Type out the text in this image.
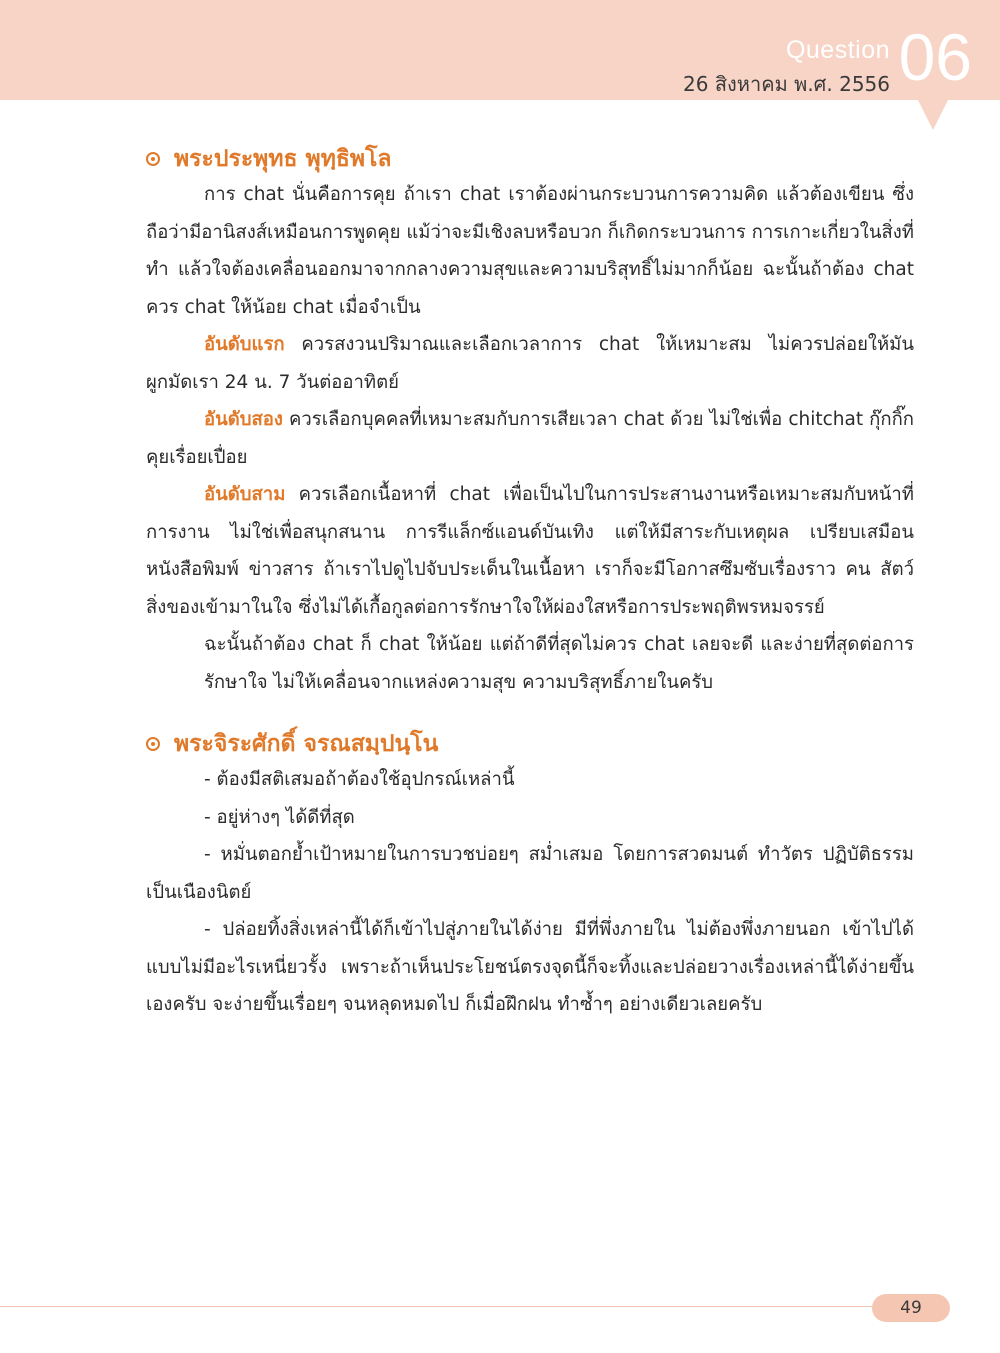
Question
26 สิงหาคม พ.ศ. 2556 06
พระประพุทธ พุทฺธิพโล

การ chat นั่นคือการคุย ถ้าเรา chat เราต้องผ่านกระบวนการความคิด แล้วต้องเขียน ซึ่งถือว่ามีอานิสงส์เหมือนการพูดคุย แม้ว่าจะมีเชิงลบหรือบวก ก็เกิดกระบวนการ การเกาะเกี่ยวในสิ่งที่ทำ แล้วใจต้องเคลื่อนออกมาจากกลางความสุขและความบริสุทธิ์ไม่มากก็น้อย ฉะนั้นถ้าต้อง chat ควร chat ให้น้อย chat เมื่อจำเป็น

อันดับแรก ควรสงวนปริมาณและเลือกเวลาการ chat ให้เหมาะสม ไม่ควรปล่อยให้มันผูกมัดเรา 24 น. 7 วันต่ออาทิตย์

อันดับสอง ควรเลือกบุคคลที่เหมาะสมกับการเสียเวลา chat ด้วย ไม่ใช่เพื่อ chitchat กุ๊กกิ๊ก คุยเรื่อยเปื่อย

อันดับสาม ควรเลือกเนื้อหาที่ chat เพื่อเป็นไปในการประสานงานหรือเหมาะสมกับหน้าที่การงาน ไม่ใช่เพื่อสนุกสนาน การรีแล็กซ์แอนด์บันเทิง แต่ให้มีสาระกับเหตุผล เปรียบเสมือนหนังสือพิมพ์ ข่าวสาร ถ้าเราไปดูไปจับประเด็นในเนื้อหา เราก็จะมีโอกาสซึมซับเรื่องราว คน สัตว์ สิ่งของเข้ามาในใจ ซึ่งไม่ได้เกื้อกูลต่อการรักษาใจให้ผ่องใสหรือการประพฤติพรหมจรรย์

ฉะนั้นถ้าต้อง chat ก็ chat ให้น้อย แต่ถ้าดีที่สุดไม่ควร chat เลยจะดี และง่ายที่สุดต่อการรักษาใจ ไม่ให้เคลื่อนจากแหล่งความสุข ความบริสุทธิ์ภายในครับ

พระจิระศักดิ์ จรณสมฺปนฺโน

- ต้องมีสติเสมอถ้าต้องใช้อุปกรณ์เหล่านี้

- อยู่ห่างๆ ได้ดีที่สุด

- หมั่นตอกย้ำเป้าหมายในการบวชบ่อยๆ สม่ำเสมอ โดยการสวดมนต์ ทำวัตร ปฏิบัติธรรมเป็นเนืองนิตย์

- ปล่อยทิ้งสิ่งเหล่านี้ได้ก็เข้าไปสู่ภายในได้ง่าย มีที่พึ่งภายใน ไม่ต้องพึ่งภายนอก เข้าไปได้แบบไม่มีอะไรเหนี่ยวรั้ง เพราะถ้าเห็นประโยชน์ตรงจุดนี้ก็จะทิ้งและปล่อยวางเรื่องเหล่านี้ได้ง่ายขึ้นเองครับ จะง่ายขึ้นเรื่อยๆ จนหลุดหมดไป ก็เมื่อฝึกฝน ทำซ้ำๆ อย่างเดียวเลยครับ

49
